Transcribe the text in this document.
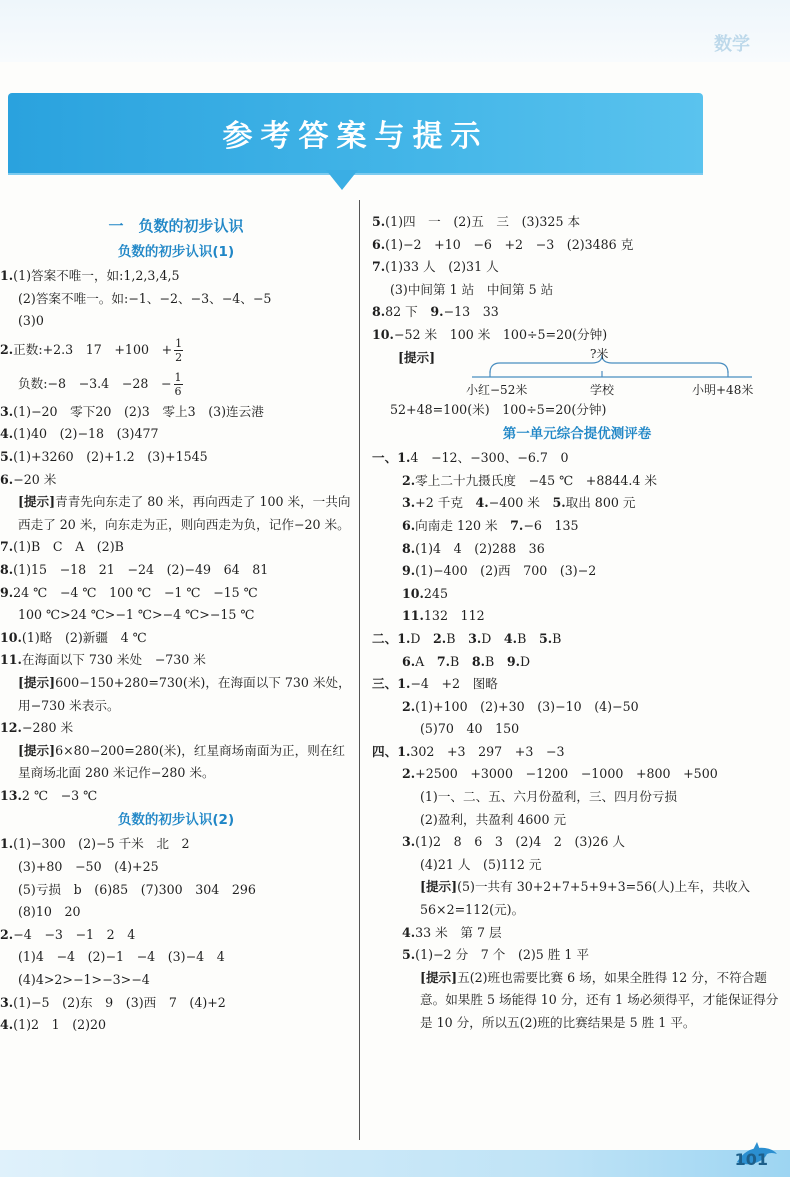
数学
参考答案与提示
一　负数的初步认识
负数的初步认识(1)
1.(1)答案不唯一，如:1,2,3,4,5
(2)答案不唯一。如:−1、−2、−3、−4、−5
(3)0
2.正数:+2.3　17　+100　+ $\frac{1}{2}$
负数:−8　−3.4　−28　− $\frac{1}{6}$
3.(1)−20　零下20　(2)3　零上3　(3)连云港
4.(1)40　(2)−18　(3)477
5.(1)+3260　(2)+1.2　(3)+1545
6.−20 米
[提示]青青先向东走了 80 米，再向西走了 100 米，一共向西走了 20 米，向东走为正，则向西走为负，记作−20 米。
7.(1)B　C　A　(2)B
8.(1)15　−18　21　−24　(2)−49　64　81
9.24 ℃　−4 ℃　100 ℃　−1 ℃　−15 ℃
100 ℃>24 ℃>−1 ℃>−4 ℃>−15 ℃
10.(1)略　(2)新疆　4 ℃
11.在海面以下 730 米处　−730 米
[提示]600−150+280=730(米)，在海面以下 730 米处，用−730 米表示。
12.−280 米
[提示]6×80−200=280(米)，红星商场南面为正，则在红星商场北面 280 米记作−280 米。
13.2 ℃　−3 ℃
负数的初步认识(2)
1.(1)−300　(2)−5 千米　北　2
(3)+80　−50　(4)+25
(5)亏损　b　(6)85　(7)300　304　296
(8)10　20
2.−4　−3　−1　2　4
(1)4　−4　(2)−1　−4　(3)−4　4
(4)4>2>−1>−3>−4
3.(1)−5　(2)东　9　(3)西　7　(4)+2
4.(1)2　1　(2)20
5.(1)四　一　(2)五　三　(3)325 本
6.(1)−2　+10　−6　+2　−3　(2)3486 克
7.(1)33 人　(2)31 人
(3)中间第 1 站　中间第 5 站
8.82 下　 9.−13　33
10.−52 米　100 米　100÷5=20(分钟)
[提示]	?米
小红−52米	学校	小明+48米
52+48=100(米)　100÷5=20(分钟)
第一单元综合提优测评卷
一、1.4　−12、−300、−6.7　0
2.零上二十九摄氏度　−45 ℃　+8844.4 米
3.+2 千克　 4.−400 米　 5.取出 800 元
6.向南走 120 米　 7.−6　135
8.(1)4　4　(2)288　36
9.(1)−400　(2)西　700　(3)−2
10.245
11.132　112
二、1.D　 2.B　 3.D　 4.B　 5.B
6.A　 7.B　 8.B　 9.D
三、1.−4　+2　图略
2.(1)+100　(2)+30　(3)−10　(4)−50
(5)70　40　150
四、1.302　+3　297　+3　−3
2.+2500　+3000　−1200　−1000　+800　+500
(1)一、二、五、六月份盈利，三、四月份亏损
(2)盈利，共盈利 4600 元
3.(1)2　8　6　3　(2)4　2　(3)26 人
(4)21 人　(5)112 元
[提示](5)一共有 30+2+7+5+9+3=56(人)上车，共收入 56×2=112(元)。
4.33 米　第 7 层
5.(1)−2 分　7 个　(2)5 胜 1 平
[提示]五(2)班也需要比赛 6 场，如果全胜得 12 分，不符合题意。如果胜 5 场能得 10 分，还有 1 场必须得平，才能保证得分是 10 分，所以五(2)班的比赛结果是 5 胜 1 平。
101
